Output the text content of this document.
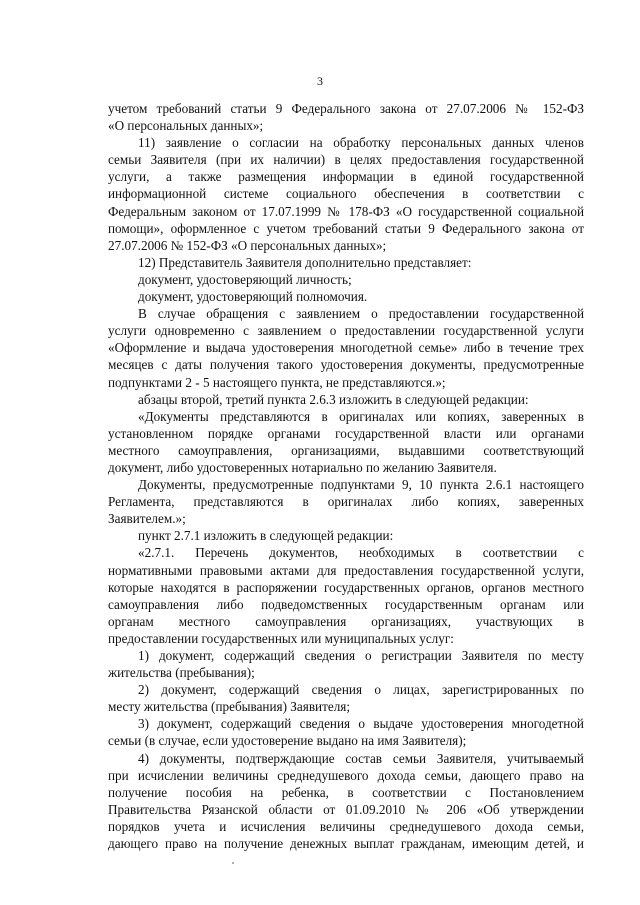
3
учетом требований статьи 9 Федерального закона от 27.07.2006 № 152-ФЗ
«О персональных данных»;
11) заявление о согласии на обработку персональных данных членов
семьи Заявителя (при их наличии) в целях предоставления государственной
услуги, а также размещения информации в единой государственной
информационной системе социального обеспечения в соответствии с
Федеральным законом от 17.07.1999 № 178-ФЗ «О государственной социальной
помощи», оформленное с учетом требований статьи 9 Федерального закона от
27.07.2006 № 152-ФЗ «О персональных данных»;
12) Представитель Заявителя дополнительно представляет:
документ, удостоверяющий личность;
документ, удостоверяющий полномочия.
В случае обращения с заявлением о предоставлении государственной
услуги одновременно с заявлением о предоставлении государственной услуги
«Оформление и выдача удостоверения многодетной семье» либо в течение трех
месяцев с даты получения такого удостоверения документы, предусмотренные
подпунктами 2 - 5 настоящего пункта, не представляются.»;
абзацы второй, третий пункта 2.6.3 изложить в следующей редакции:
«Документы представляются в оригиналах или копиях, заверенных в
установленном порядке органами государственной власти или органами
местного самоуправления, организациями, выдавшими соответствующий
документ, либо удостоверенных нотариально по желанию Заявителя.
Документы, предусмотренные подпунктами 9, 10 пункта 2.6.1 настоящего
Регламента, представляются в оригиналах либо копиях, заверенных
Заявителем.»;
пункт 2.7.1 изложить в следующей редакции:
«2.7.1. Перечень документов, необходимых в соответствии с
нормативными правовыми актами для предоставления государственной услуги,
которые находятся в распоряжении государственных органов, органов местного
самоуправления либо подведомственных государственным органам или
органам местного самоуправления организациях, участвующих в
предоставлении государственных или муниципальных услуг:
1) документ, содержащий сведения о регистрации Заявителя по месту
жительства (пребывания);
2) документ, содержащий сведения о лицах, зарегистрированных по
месту жительства (пребывания) Заявителя;
3) документ, содержащий сведения о выдаче удостоверения многодетной
семьи (в случае, если удостоверение выдано на имя Заявителя);
4) документы, подтверждающие состав семьи Заявителя, учитываемый
при исчислении величины среднедушевого дохода семьи, дающего право на
получение пособия на ребенка, в соответствии с Постановлением
Правительства Рязанской области от 01.09.2010 № 206 «Об утверждении
порядков учета и исчисления величины среднедушевого дохода семьи,
дающего право на получение денежных выплат гражданам, имеющим детей, и
